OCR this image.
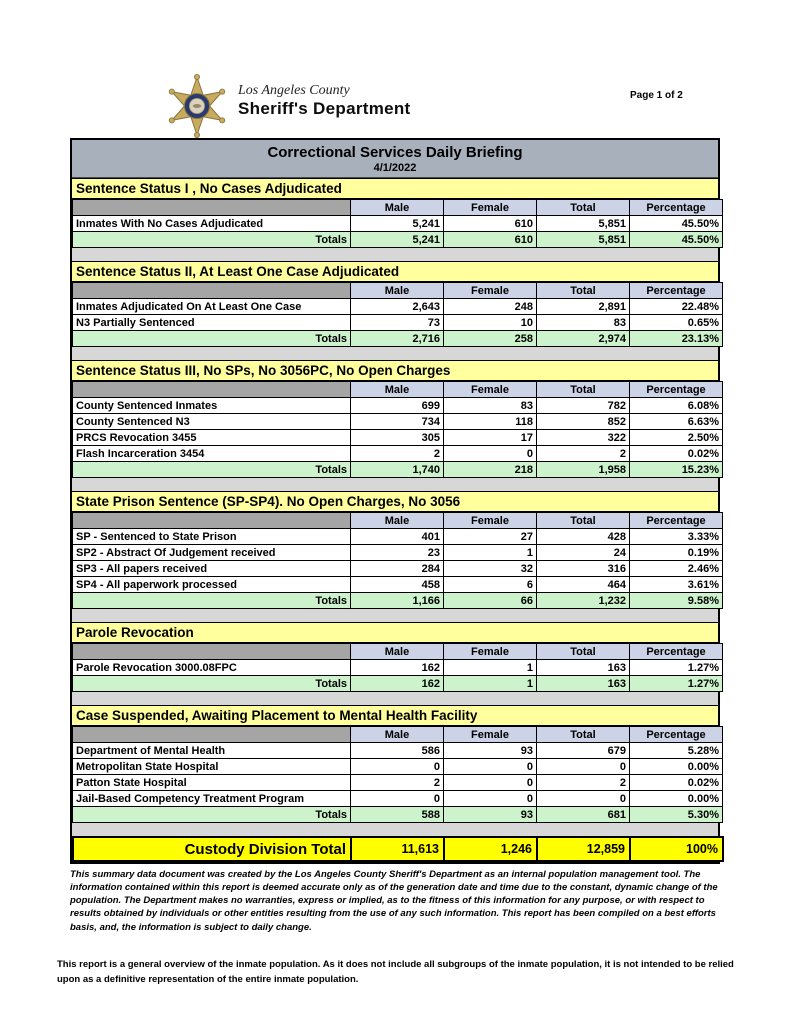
Los Angeles County
Sheriff's Department
Page 1 of 2
Correctional Services Daily Briefing
4/1/2022
Sentence Status I , No Cases Adjudicated
	Male	Female	Total	Percentage
Inmates With No Cases Adjudicated	5,241	610	5,851	45.50%
Totals	5,241	610	5,851	45.50%
Sentence Status II, At Least One Case Adjudicated
	Male	Female	Total	Percentage
Inmates Adjudicated On At Least One Case	2,643	248	2,891	22.48%
N3 Partially Sentenced	73	10	83	0.65%
Totals	2,716	258	2,974	23.13%
Sentence Status III, No SPs, No 3056PC, No Open Charges
	Male	Female	Total	Percentage
County Sentenced Inmates	699	83	782	6.08%
County Sentenced N3	734	118	852	6.63%
PRCS Revocation 3455	305	17	322	2.50%
Flash Incarceration 3454	2	0	2	0.02%
Totals	1,740	218	1,958	15.23%
State Prison Sentence (SP-SP4). No Open Charges, No 3056
	Male	Female	Total	Percentage
SP - Sentenced to State Prison	401	27	428	3.33%
SP2 - Abstract Of Judgement received	23	1	24	0.19%
SP3 - All papers received	284	32	316	2.46%
SP4 - All paperwork processed	458	6	464	3.61%
Totals	1,166	66	1,232	9.58%
Parole Revocation
	Male	Female	Total	Percentage
Parole Revocation 3000.08FPC	162	1	163	1.27%
Totals	162	1	163	1.27%
Case Suspended, Awaiting Placement to Mental Health Facility
	Male	Female	Total	Percentage
Department of Mental Health	586	93	679	5.28%
Metropolitan State Hospital	0	0	0	0.00%
Patton State Hospital	2	0	2	0.02%
Jail-Based Competency Treatment Program	0	0	0	0.00%
Totals	588	93	681	5.30%
Custody Division Total	11,613	1,246	12,859	100%

This summary data document was created by the Los Angeles County Sheriff's Department as an internal population management tool. The information contained within this report is deemed accurate only as of the generation date and time due to the constant, dynamic change of the population. The Department makes no warranties, express or implied, as to the fitness of this information for any purpose, or with respect to results obtained by individuals or other entities resulting from the use of any such information. This report has been compiled on a best efforts basis, and, the information is subject to daily change.

This report is a general overview of the inmate population. As it does not include all subgroups of the inmate population, it is not intended to be relied upon as a definitive representation of the entire inmate population.
